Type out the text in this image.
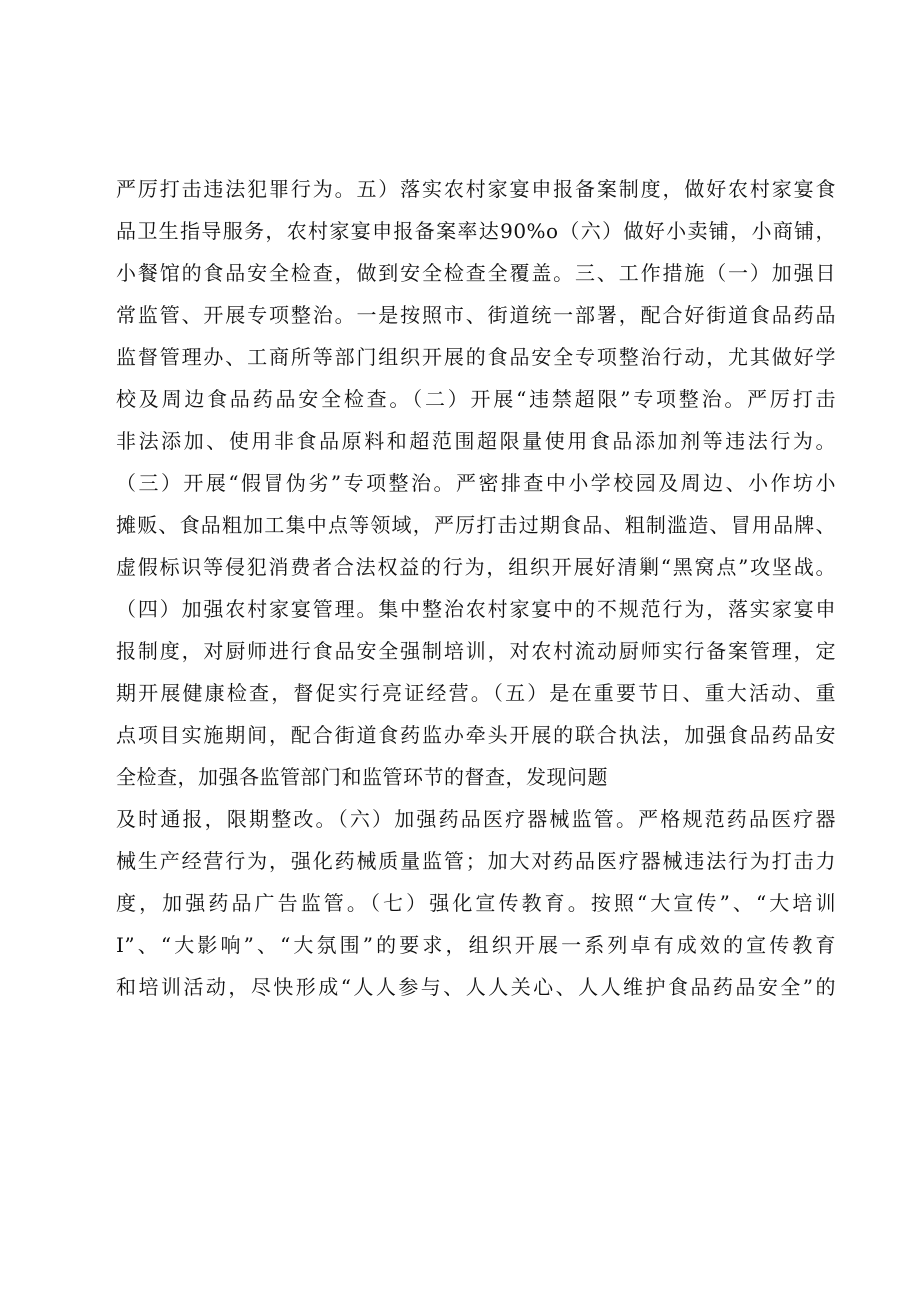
严厉打击违法犯罪行为。五）落实农村家宴申报备案制度，做好农村家宴食
品卫生指导服务，农村家宴申报备案率达90%o（六）做好小卖铺，小商铺，
小餐馆的食品安全检查，做到安全检查全覆盖。三、工作措施（一）加强日
常监管、开展专项整治。一是按照市、街道统一部署，配合好街道食品药品
监督管理办、工商所等部门组织开展的食品安全专项整治行动，尤其做好学
校及周边食品药品安全检查。（二）开展“违禁超限”专项整治。严厉打击
非法添加、使用非食品原料和超范围超限量使用食品添加剂等违法行为。
（三）开展“假冒伪劣”专项整治。严密排查中小学校园及周边、小作坊小
摊贩、食品粗加工集中点等领域，严厉打击过期食品、粗制滥造、冒用品牌、
虚假标识等侵犯消费者合法权益的行为，组织开展好清剿“黑窝点”攻坚战。
（四）加强农村家宴管理。集中整治农村家宴中的不规范行为，落实家宴申
报制度，对厨师进行食品安全强制培训，对农村流动厨师实行备案管理，定
期开展健康检查，督促实行亮证经营。（五）是在重要节日、重大活动、重
点项目实施期间，配合街道食药监办牵头开展的联合执法，加强食品药品安
全检查，加强各监管部门和监管环节的督查，发现问题
及时通报，限期整改。（六）加强药品医疗器械监管。严格规范药品医疗器
械生产经营行为，强化药械质量监管；加大对药品医疗器械违法行为打击力
度，加强药品广告监管。（七）强化宣传教育。按照“大宣传”、“大培训
I”、“大影响”、“大氛围”的要求，组织开展一系列卓有成效的宣传教育
和培训活动，尽快形成“人人参与、人人关心、人人维护食品药品安全”的
